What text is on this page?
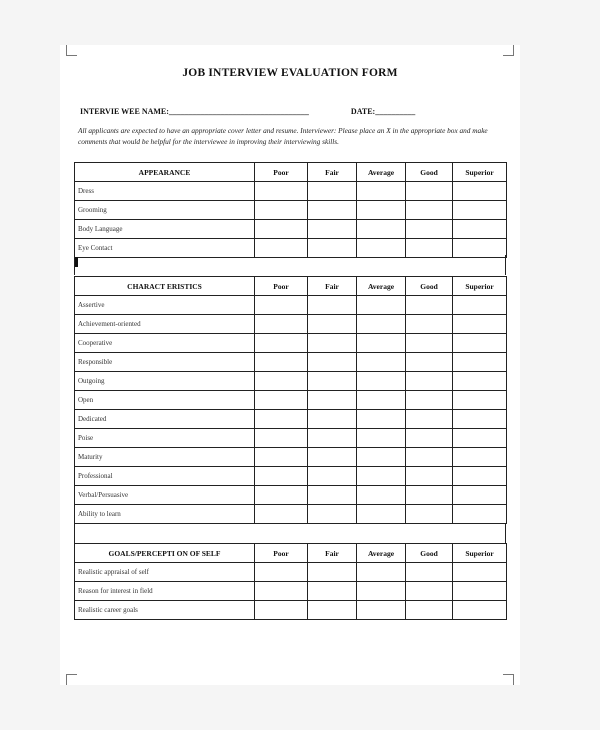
JOB INTERVIEW EVALUATION FORM
INTERVIE WEE NAME:___________________________________	DATE:__________
All applicants are expected to have an appropriate cover letter and resume. Interviewer: Please place an X in the appropriate box and make comments that would be helpful for the interviewee in improving their interviewing skills.
APPEARANCE	Poor	Fair	Average	Good	Superior
Dress					
Grooming					
Body Language					
Eye Contact					
CHARACT ERISTICS	Poor	Fair	Average	Good	Superior
Assertive					
Achievement-oriented					
Cooperative					
Responsible					
Outgoing					
Open					
Dedicated					
Poise					
Maturity					
Professional					
Verbal/Persuasive					
Ability to learn					
GOALS/PERCEPTI ON OF SELF	Poor	Fair	Average	Good	Superior
Realistic appraisal of self					
Reason for interest in field					
Realistic career goals					
